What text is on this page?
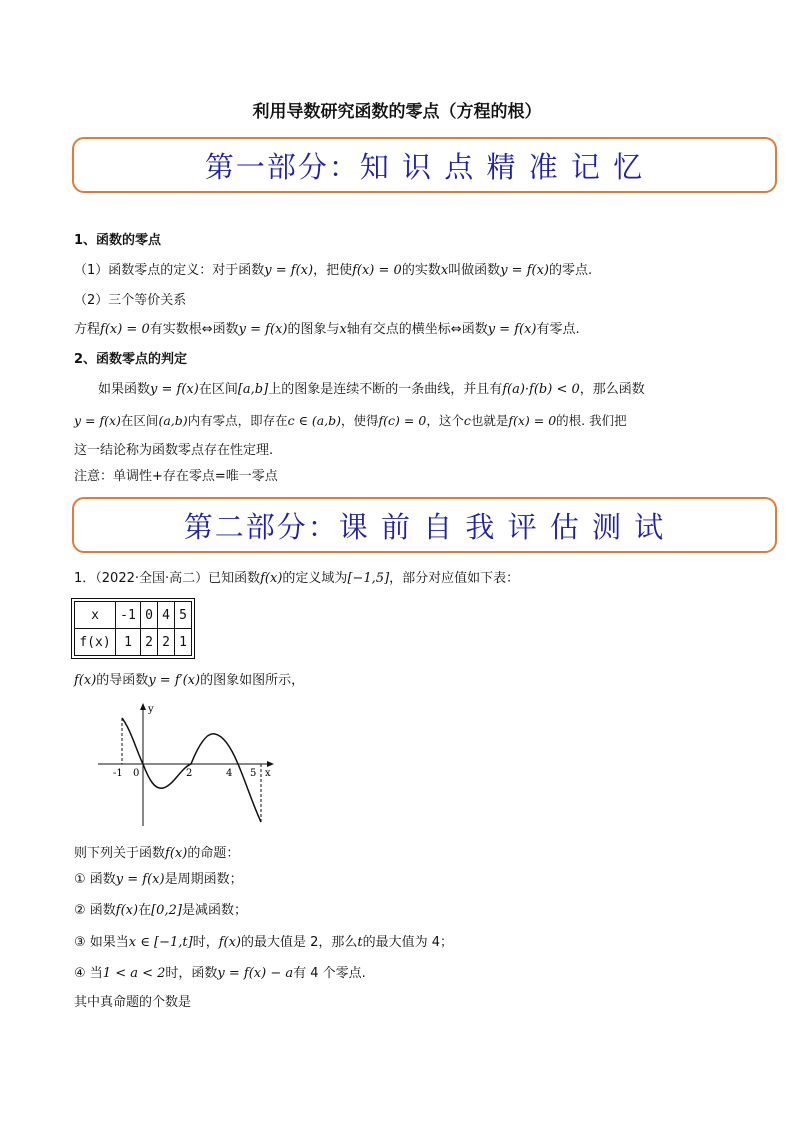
利用导数研究函数的零点（方程的根）
第一部分：知 识 点 精 准 记 忆
1、函数的零点
（1）函数零点的定义：对于函数y = f(x)，把使f(x) = 0的实数x叫做函数y = f(x)的零点.
（2）三个等价关系
方程f(x) = 0有实数根⇔函数y = f(x)的图象与x轴有交点的横坐标⇔函数y = f(x)有零点.
2、函数零点的判定
如果函数y = f(x)在区间[a,b]上的图象是连续不断的一条曲线，并且有f(a)·f(b) < 0，那么函数
y = f(x)在区间(a,b)内有零点，即存在c ∈ (a,b)，使得f(c) = 0，这个c也就是f(x) = 0的根. 我们把
这一结论称为函数零点存在性定理.
注意：单调性+存在零点=唯一零点
第二部分：课 前 自 我 评 估 测 试
1．（2022·全国·高二）已知函数f(x)的定义域为[−1,5]，部分对应值如下表：
x	-1	0	4	5
f(x)	1	2	2	1
f(x)的导函数y = f′(x)的图象如图所示，
y
x
0
-1	2	4 5
则下列关于函数f(x)的命题：
① 函数y = f(x)是周期函数；
② 函数f(x)在[0,2]是减函数；
③ 如果当x ∈ [−1,t]时，f(x)的最大值是 2，那么t的最大值为 4；
④ 当1 < a < 2时，函数y = f(x) − a有 4 个零点.
其中真命题的个数是
